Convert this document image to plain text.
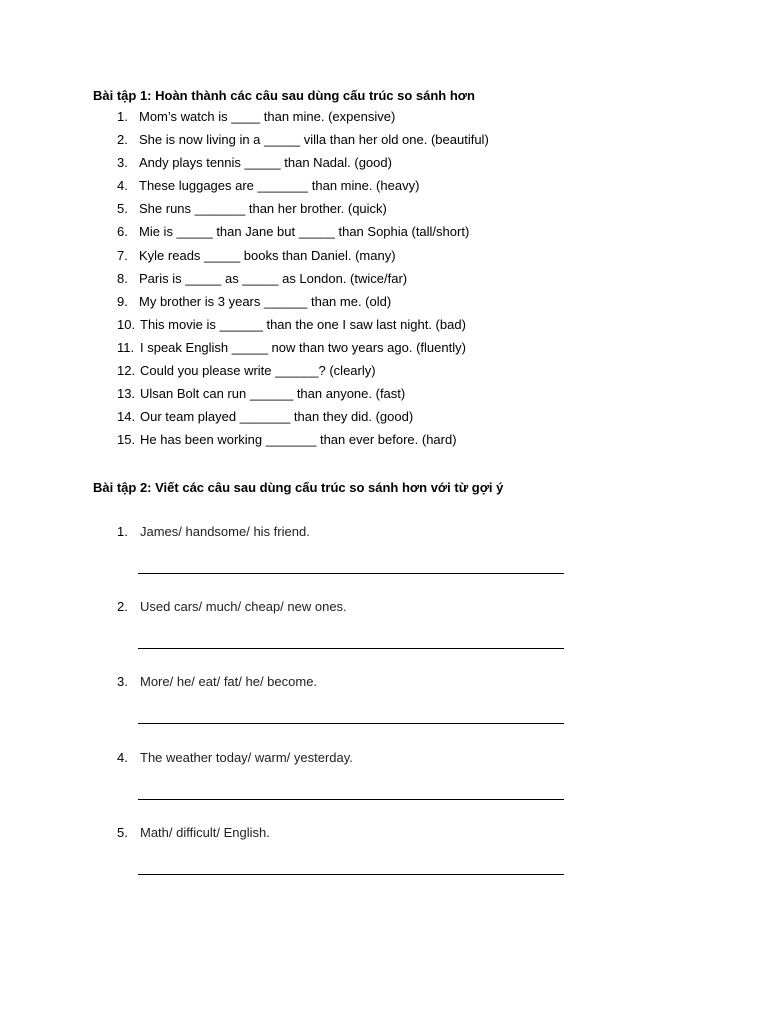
Bài tập 1: Hoàn thành các câu sau dùng cấu trúc so sánh hơn
1. Mom’s watch is ____ than mine. (expensive)
2. She is now living in a _____ villa than her old one. (beautiful)
3. Andy plays tennis _____ than Nadal. (good)
4. These luggages are _______ than mine. (heavy)
5. She runs _______ than her brother. (quick)
6. Mie is _____ than Jane but _____ than Sophia (tall/short)
7. Kyle reads _____ books than Daniel. (many)
8. Paris is _____ as _____ as London. (twice/far)
9. My brother is 3 years ______ than me. (old)
10. This movie is ______ than the one I saw last night. (bad)
11. I speak English _____ now than two years ago. (fluently)
12. Could you please write ______? (clearly)
13. Ulsan Bolt can run ______ than anyone. (fast)
14. Our team played _______ than they did. (good)
15. He has been working _______ than ever before. (hard)
Bài tập 2: Viết các câu sau dùng cấu trúc so sánh hơn với từ gợi ý
1. James/ handsome/ his friend.
2. Used cars/ much/ cheap/ new ones.
3. More/ he/ eat/ fat/ he/ become.
4. The weather today/ warm/ yesterday.
5. Math/ difficult/ English.
